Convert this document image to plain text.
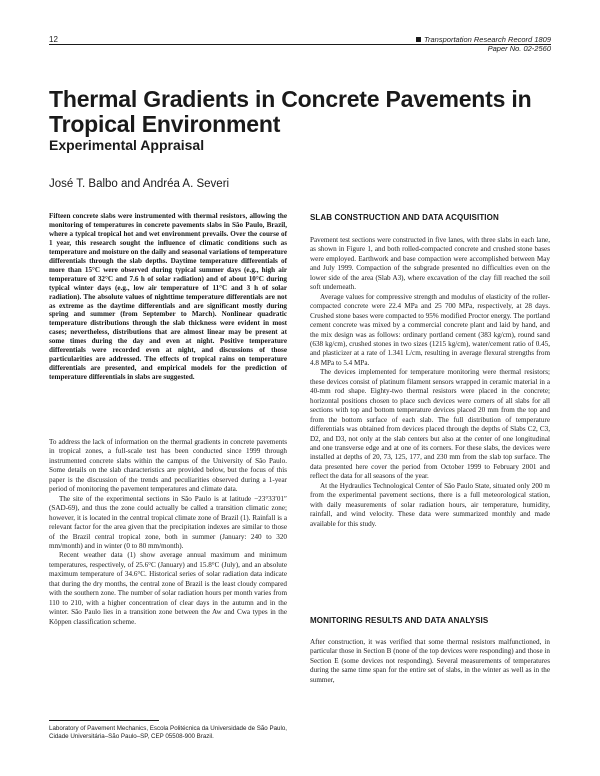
12	Transportation Research Record 1809
Paper No. 02-2560
Thermal Gradients in Concrete Pavements in Tropical Environment
Experimental Appraisal
José T. Balbo and Andréa A. Severi
Fifteen concrete slabs were instrumented with thermal resistors, allowing the monitoring of temperatures in concrete pavements slabs in São Paulo, Brazil, where a typical tropical hot and wet environment prevails. Over the course of 1 year, this research sought the influence of climatic conditions such as temperature and moisture on the daily and seasonal variations of temperature differentials through the slab depths. Daytime temperature differentials of more than 15°C were observed during typical summer days (e.g., high air temperature of 32°C and 7.6 h of solar radiation) and of about 10°C during typical winter days (e.g., low air temperature of 11°C and 3 h of solar radiation). The absolute values of nighttime temperature differentials are not as extreme as the daytime differentials and are significant mostly during spring and summer (from September to March). Nonlinear quadratic temperature distributions through the slab thickness were evident in most cases; nevertheless, distributions that are almost linear may be present at some times during the day and even at night. Positive temperature differentials were recorded even at night, and discussions of those particularities are addressed. The effects of tropical rains on temperature differentials are presented, and empirical models for the prediction of temperature differentials in slabs are suggested.

To address the lack of information on the thermal gradients in concrete pavements in tropical zones, a full-scale test has been conducted since 1999 through instrumented concrete slabs within the campus of the University of São Paulo. Some details on the slab characteristics are provided below, but the focus of this paper is the discussion of the trends and peculiarities observed during a 1-year period of monitoring the pavement temperatures and climate data.

The site of the experimental sections in São Paulo is at latitude −23°33′01″ (SAD-69), and thus the zone could actually be called a transition climatic zone; however, it is located in the central tropical climate zone of Brazil (1). Rainfall is a relevant factor for the area given that the precipitation indexes are similar to those of the Brazil central tropical zone, both in summer (January: 240 to 320 mm/month) and in winter (0 to 80 mm/month).

Recent weather data (1) show average annual maximum and minimum temperatures, respectively, of 25.6°C (January) and 15.8°C (July), and an absolute maximum temperature of 34.6°C. Historical series of solar radiation data indicate that during the dry months, the central zone of Brazil is the least cloudy compared with the southern zone. The number of solar radiation hours per month varies from 110 to 210, with a higher concentration of clear days in the autumn and in the winter. São Paulo lies in a transition zone between the Aw and Cwa types in the Köppen classification scheme.

Laboratory of Pavement Mechanics, Escola Politécnica da Universidade de São Paulo, Cidade Universitária–São Paulo–SP, CEP 05508-900 Brazil.
SLAB CONSTRUCTION AND DATA ACQUISITION

Pavement test sections were constructed in five lanes, with three slabs in each lane, as shown in Figure 1, and both rolled-compacted concrete and crushed stone bases were employed. Earthwork and base compaction were accomplished between May and July 1999. Compaction of the subgrade presented no difficulties even on the lower side of the area (Slab A3), where excavation of the clay fill reached the soil soft underneath.

Average values for compressive strength and modulus of elasticity of the roller-compacted concrete were 22.4 MPa and 25 700 MPa, respectively, at 28 days. Crushed stone bases were compacted to 95% modified Proctor energy. The portland cement concrete was mixed by a commercial concrete plant and laid by hand, and the mix design was as follows: ordinary portland cement (383 kg/cm), round sand (638 kg/cm), crushed stones in two sizes (1215 kg/cm), water/cement ratio of 0.45, and plasticizer at a rate of 1.341 L/cm, resulting in average flexural strengths from 4.8 MPa to 5.4 MPa.

The devices implemented for temperature monitoring were thermal resistors; these devices consist of platinum filament sensors wrapped in ceramic material in a 40-mm rod shape. Eighty-two thermal resistors were placed in the concrete; horizontal positions chosen to place such devices were corners of all slabs for all sections with top and bottom temperature devices placed 20 mm from the top and from the bottom surface of each slab. The full distribution of temperature differentials was obtained from devices placed through the depths of Slabs C2, C3, D2, and D3, not only at the slab centers but also at the center of one longitudinal and one transverse edge and at one of its corners. For these slabs, the devices were installed at depths of 20, 73, 125, 177, and 230 mm from the slab top surface. The data presented here cover the period from October 1999 to February 2001 and reflect the data for all seasons of the year.

At the Hydraulics Technological Center of São Paulo State, situated only 200 m from the experimental pavement sections, there is a full meteorological station, with daily measurements of solar radiation hours, air temperature, humidity, rainfall, and wind velocity. These data were summarized monthly and made available for this study.

MONITORING RESULTS AND DATA ANALYSIS

After construction, it was verified that some thermal resistors malfunctioned, in particular those in Section B (none of the top devices were responding) and those in Section E (some devices not responding). Several measurements of temperatures during the same time span for the entire set of slabs, in the winter as well as in the summer,
